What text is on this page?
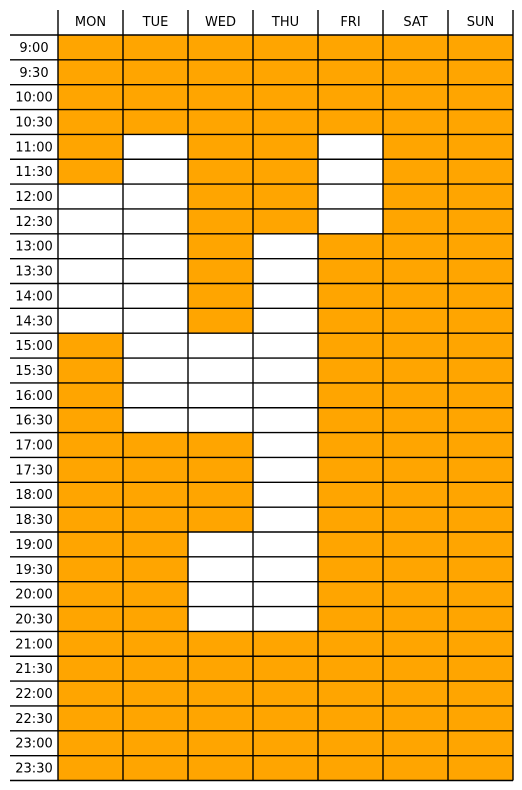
MON	TUE	WED	THU	FRI	SAT	SUN
9:00
9:30
10:00
10:30
11:00
11:30
12:00
12:30
13:00
13:30
14:00
14:30
15:00
15:30
16:00
16:30
17:00
17:30
18:00
18:30
19:00
19:30
20:00
20:30
21:00
21:30
22:00
22:30
23:00
23:30
